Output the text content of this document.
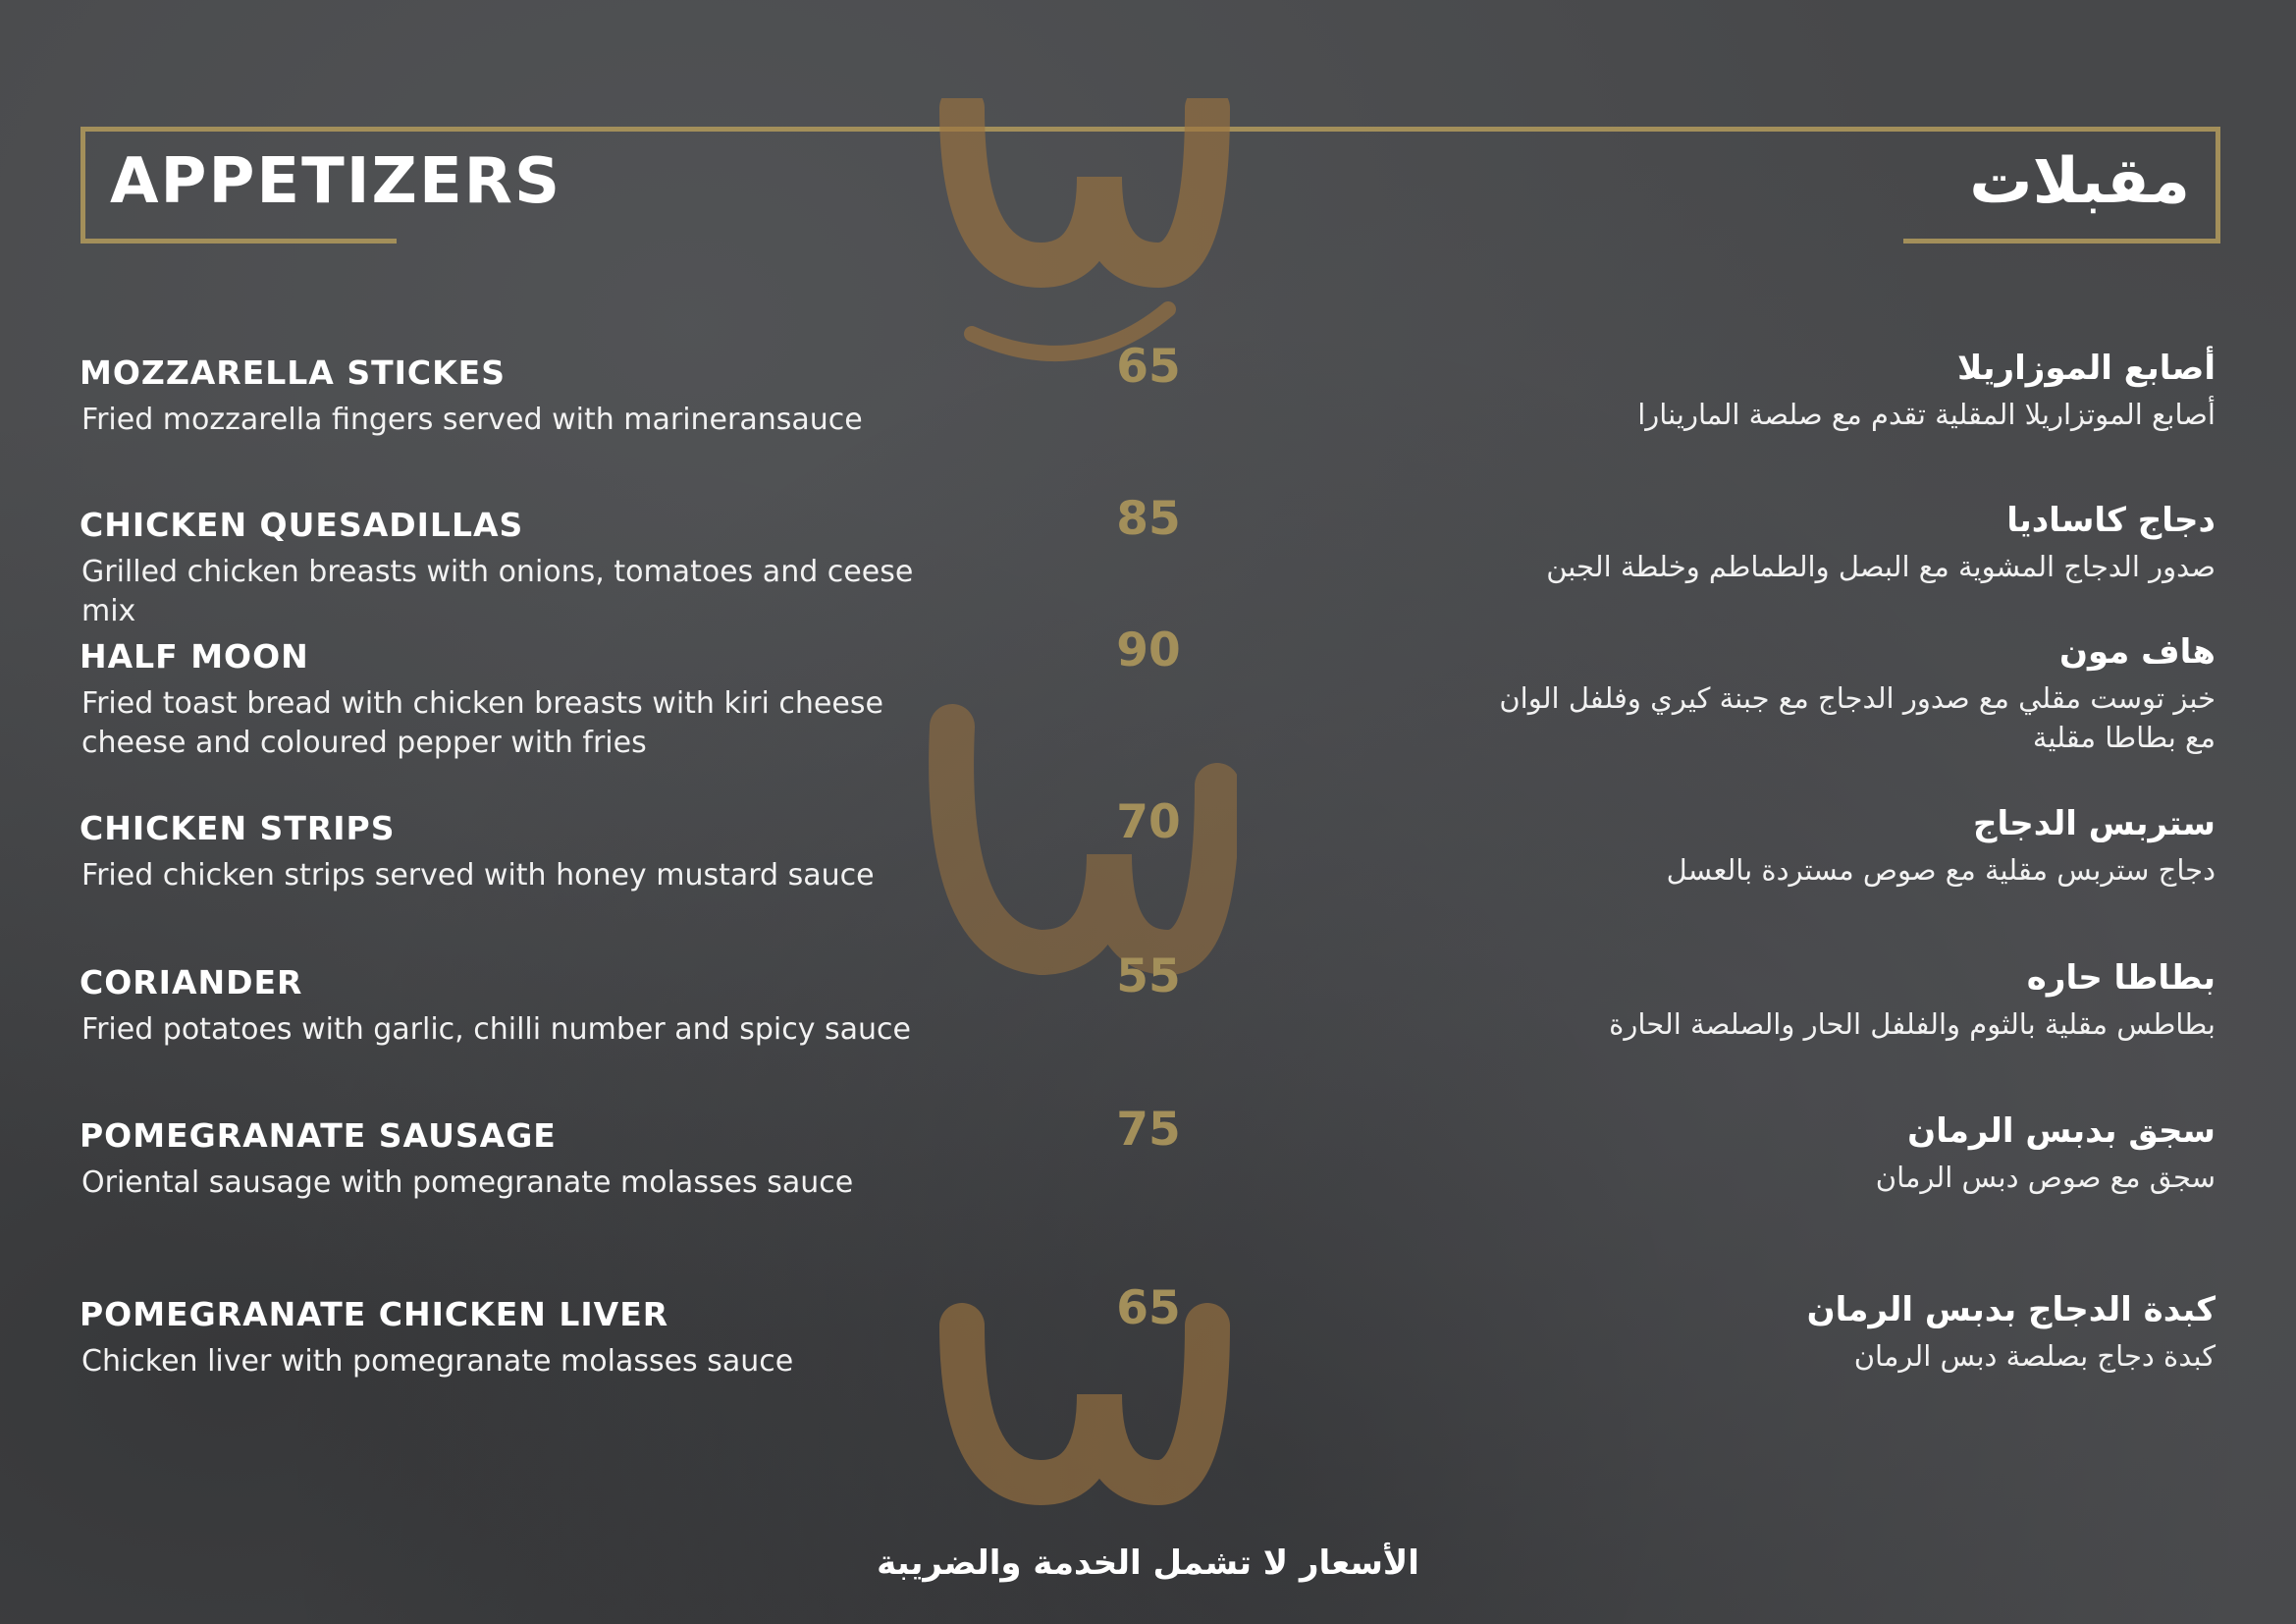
APPETIZERS	مقبلات
MOZZARELLA STICKES
Fried mozzarella fingers served with marineransauce
65	أصابع الموزاريلا
أصابع الموتزاريلا المقلية تقدم مع صلصة المارينارا
CHICKEN QUESADILLAS
Grilled chicken breasts with onions, tomatoes and ceese mix
85	دجاج كاساديا
صدور الدجاج المشوية مع البصل والطماطم وخلطة الجبن
HALF MOON
Fried toast bread with chicken breasts with kiri cheese cheese and coloured pepper with fries
90	هاف مون
خبز توست مقلي مع صدور الدجاج مع جبنة كيري وفلفل الوان مع بطاطا مقلية
CHICKEN STRIPS
Fried chicken strips served with honey mustard sauce
70	ستربس الدجاج
دجاج ستربس مقلية مع صوص مستردة بالعسل
CORIANDER
Fried potatoes with garlic, chilli number and spicy sauce
55	بطاطا حاره
بطاطس مقلية بالثوم والفلفل الحار والصلصة الحارة
POMEGRANATE SAUSAGE
Oriental sausage with pomegranate molasses sauce
75	سجق بدبس الرمان
سجق مع صوص دبس الرمان
POMEGRANATE CHICKEN LIVER
Chicken liver with pomegranate molasses sauce
65	كبدة الدجاج بدبس الرمان
كبدة دجاج بصلصة دبس الرمان
الأسعار لا تشمل الخدمة والضريبة
